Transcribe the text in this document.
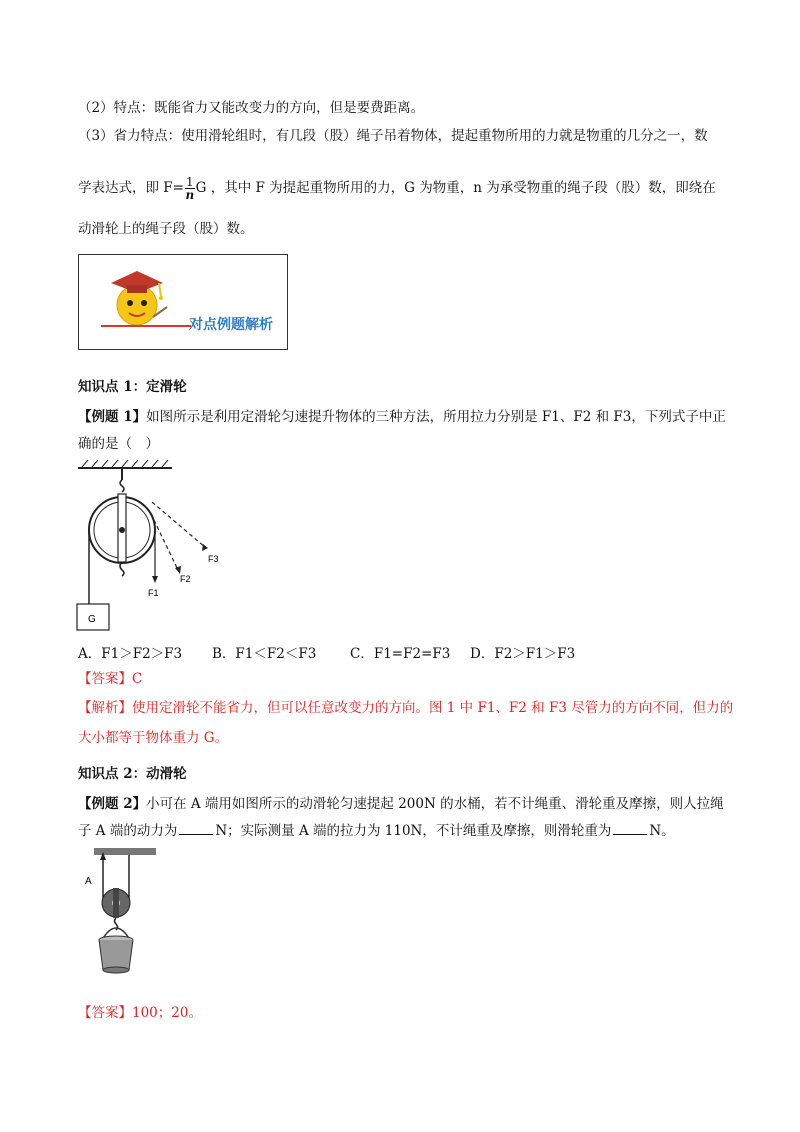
（2）特点：既能省力又能改变力的方向，但是要费距离。
（3）省力特点：使用滑轮组时，有几段（股）绳子吊着物体，提起重物所用的力就是物重的几分之一，数
学表达式，即 $F= \frac{1}{n}$ G ，其中 F 为提起重物所用的力，G 为物重，n 为承受物重的绳子段（股）数，即绕在
动滑轮上的绳子段（股）数。
对点例题解析
知识点 1：定滑轮
【例题 1】如图所示是利用定滑轮匀速提升物体的三种方法，所用拉力分别是 F1、F2 和 F3，下列式子中正
确的是（　）
G
F1
F2
F3
A．F1＞F2＞F3 B．F1＜F2＜F3 C．F1=F2=F3 D．F2＞F1＞F3
【答案】C
【解析】使用定滑轮不能省力，但可以任意改变力的方向。图 1 中 F1、F2 和 F3 尽管力的方向不同，但力的
大小都等于物体重力 G。
知识点 2：动滑轮
【例题 2】小可在 A 端用如图所示的动滑轮匀速提起 200N 的水桶，若不计绳重、滑轮重及摩擦，则人拉绳
子 A 端的动力为	N；实际测量 A 端的拉力为 110N，不计绳重及摩擦，则滑轮重为	N。
A
【答案】100；20。
